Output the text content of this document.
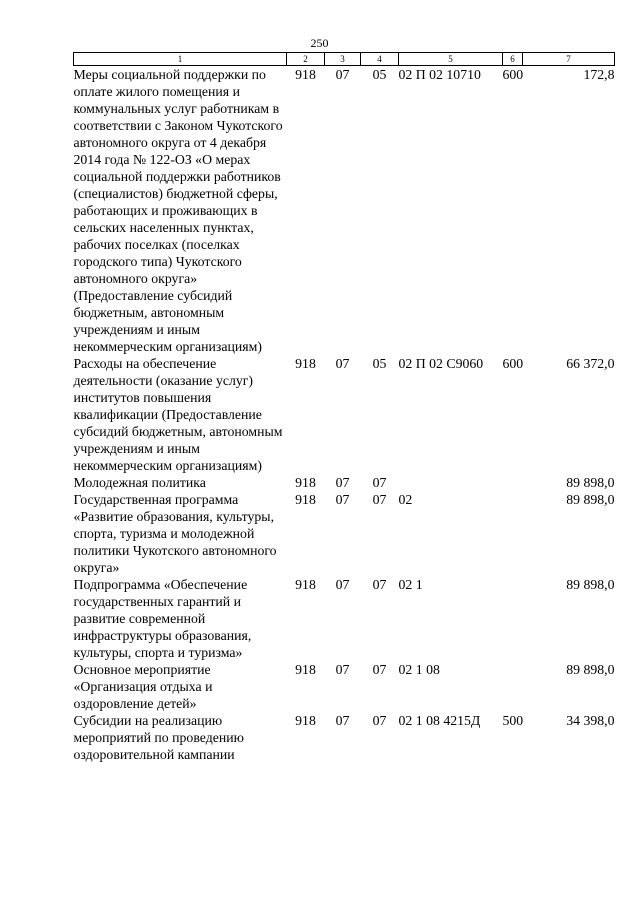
250
1	2	3	4	5	6	7
Меры социальной поддержки по оплате жилого помещения и коммунальных услуг работникам в соответствии с Законом Чукотского автономного округа от 4 декабря 2014 года № 122-ОЗ «О мерах социальной поддержки работников (специалистов) бюджетной сферы, работающих и проживающих в сельских населенных пунктах, рабочих поселках (поселках городского типа) Чукотского автономного округа» (Предоставление субсидий бюджетным, автономным учреждениям и иным некоммерческим организациям)	918	07	05	02 П 02 10710	600	172,8
Расходы на обеспечение деятельности (оказание услуг) институтов повышения квалификации (Предоставление субсидий бюджетным, автономным учреждениям и иным некоммерческим организациям)	918	07	05	02 П 02 С9060	600	66 372,0
Молодежная политика	918	07	07			89 898,0
Государственная программа «Развитие образования, культуры, спорта, туризма и молодежной политики Чукотского автономного округа»	918	07	07	02		89 898,0
Подпрограмма «Обеспечение государственных гарантий и развитие современной инфраструктуры образования, культуры, спорта и туризма»	918	07	07	02 1		89 898,0
Основное мероприятие «Организация отдыха и оздоровление детей»	918	07	07	02 1 08		89 898,0
Субсидии на реализацию мероприятий по проведению оздоровительной кампании	918	07	07	02 1 08 4215Д	500	34 398,0
